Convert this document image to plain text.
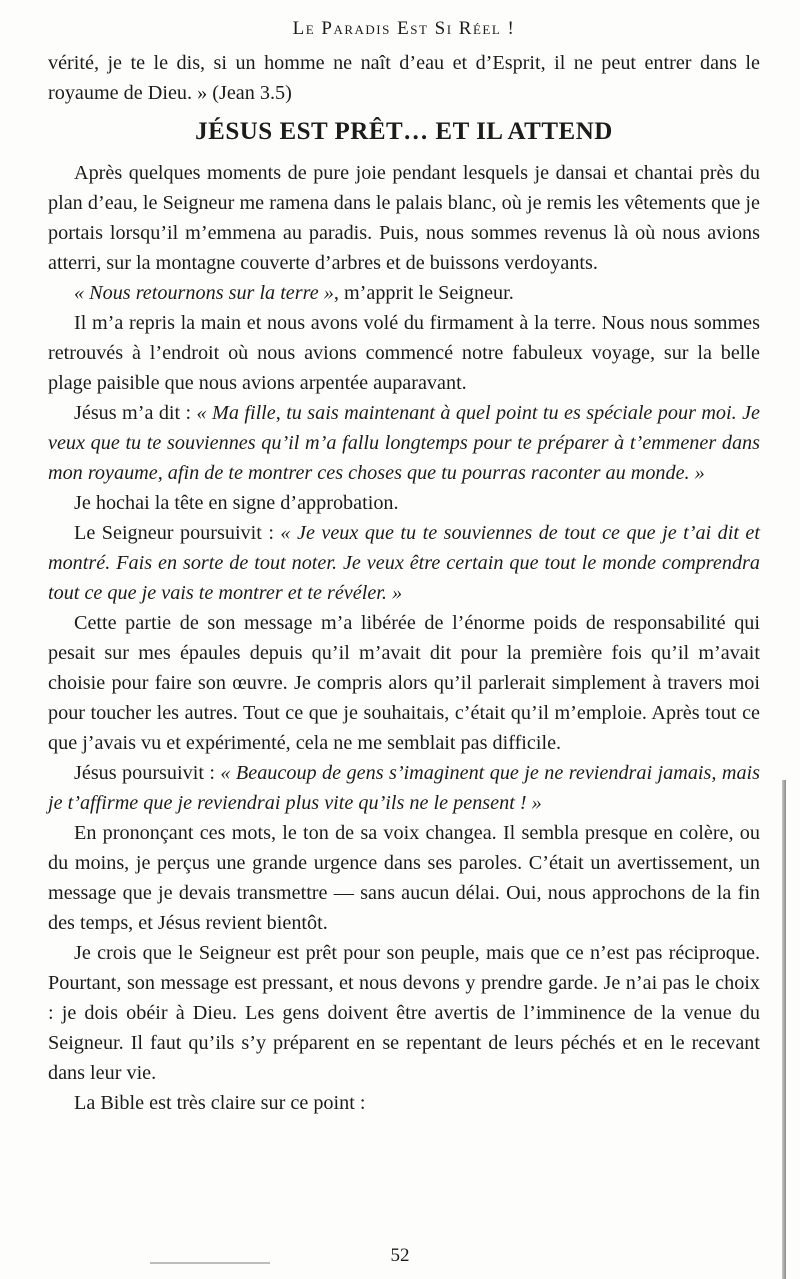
Le Paradis Est Si Réel !

vérité, je te le dis, si un homme ne naît d’eau et d’Esprit, il ne peut entrer dans le royaume de Dieu. » (Jean 3.5)

JÉSUS EST PRÊT… ET IL ATTEND

Après quelques moments de pure joie pendant lesquels je dansai et chantai près du plan d’eau, le Seigneur me ramena dans le palais blanc, où je remis les vêtements que je portais lorsqu’il m’emmena au paradis. Puis, nous sommes revenus là où nous avions atterri, sur la montagne couverte d’arbres et de buissons verdoyants.

« Nous retournons sur la terre », m’apprit le Seigneur.

Il m’a repris la main et nous avons volé du firmament à la terre. Nous nous sommes retrouvés à l’endroit où nous avions commencé notre fabuleux voyage, sur la belle plage paisible que nous avions arpentée auparavant.

Jésus m’a dit : « Ma fille, tu sais maintenant à quel point tu es spéciale pour moi. Je veux que tu te souviennes qu’il m’a fallu longtemps pour te préparer à t’emmener dans mon royaume, afin de te montrer ces choses que tu pourras raconter au monde. »

Je hochai la tête en signe d’approbation.

Le Seigneur poursuivit : « Je veux que tu te souviennes de tout ce que je t’ai dit et montré. Fais en sorte de tout noter. Je veux être certain que tout le monde comprendra tout ce que je vais te montrer et te révéler. »

Cette partie de son message m’a libérée de l’énorme poids de responsabilité qui pesait sur mes épaules depuis qu’il m’avait dit pour la première fois qu’il m’avait choisie pour faire son œuvre. Je compris alors qu’il parlerait simplement à travers moi pour toucher les autres. Tout ce que je souhaitais, c’était qu’il m’emploie. Après tout ce que j’avais vu et expérimenté, cela ne me semblait pas difficile.

Jésus poursuivit : « Beaucoup de gens s’imaginent que je ne reviendrai jamais, mais je t’affirme que je reviendrai plus vite qu’ils ne le pensent ! »

En prononçant ces mots, le ton de sa voix changea. Il sembla presque en colère, ou du moins, je perçus une grande urgence dans ses paroles. C’était un avertissement, un message que je devais transmettre — sans aucun délai. Oui, nous approchons de la fin des temps, et Jésus revient bientôt.

Je crois que le Seigneur est prêt pour son peuple, mais que ce n’est pas réciproque. Pourtant, son message est pressant, et nous devons y prendre garde. Je n’ai pas le choix : je dois obéir à Dieu. Les gens doivent être avertis de l’imminence de la venue du Seigneur. Il faut qu’ils s’y préparent en se repentant de leurs péchés et en le recevant dans leur vie.

La Bible est très claire sur ce point :

52
